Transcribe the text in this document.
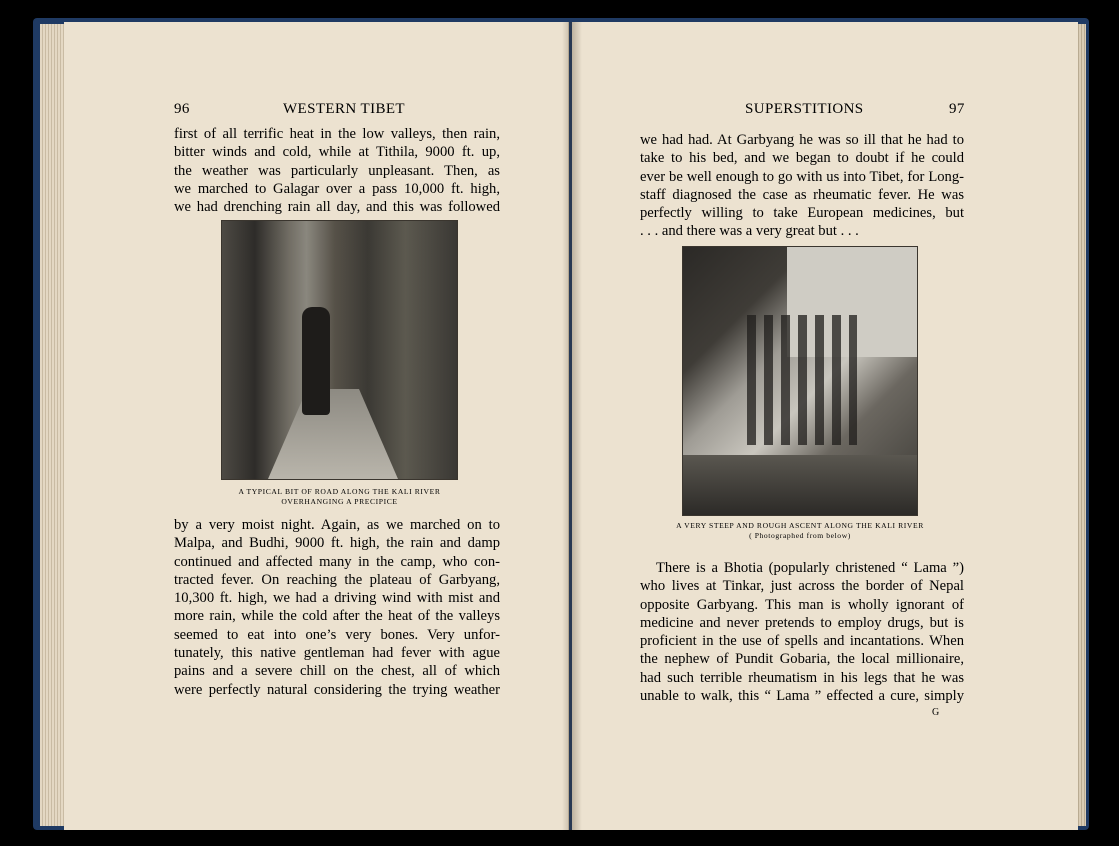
96	WESTERN TIBET

first of all terrific heat in the low valleys, then rain,
bitter winds and cold, while at Tithila, 9000 ft. up,
the weather was particularly unpleasant. Then, as
we marched to Galagar over a pass 10,000 ft. high,
we had drenching rain all day, and this was followed

A TYPICAL BIT OF ROAD ALONG THE KALI RIVER
OVERHANGING A PRECIPICE

by a very moist night. Again, as we marched on to
Malpa, and Budhi, 9000 ft. high, the rain and damp
continued and affected many in the camp, who con-
tracted fever. On reaching the plateau of Garbyang,
10,300 ft. high, we had a driving wind with mist and
more rain, while the cold after the heat of the valleys
seemed to eat into one’s very bones. Very unfor-
tunately, this native gentleman had fever with ague
pains and a severe chill on the chest, all of which
were perfectly natural considering the trying weather

SUPERSTITIONS	97

we had had. At Garbyang he was so ill that he had to
take to his bed, and we began to doubt if he could
ever be well enough to go with us into Tibet, for Long-
staff diagnosed the case as rheumatic fever. He was
perfectly willing to take European medicines, but
. . . and there was a very great but . . .

A VERY STEEP AND ROUGH ASCENT ALONG THE KALI RIVER
( Photographed from below)

There is a Bhotia (popularly christened “ Lama ”)
who lives at Tinkar, just across the border of Nepal
opposite Garbyang. This man is wholly ignorant of
medicine and never pretends to employ drugs, but is
proficient in the use of spells and incantations. When
the nephew of Pundit Gobaria, the local millionaire,
had such terrible rheumatism in his legs that he was
unable to walk, this “ Lama ” effected a cure, simply

G
